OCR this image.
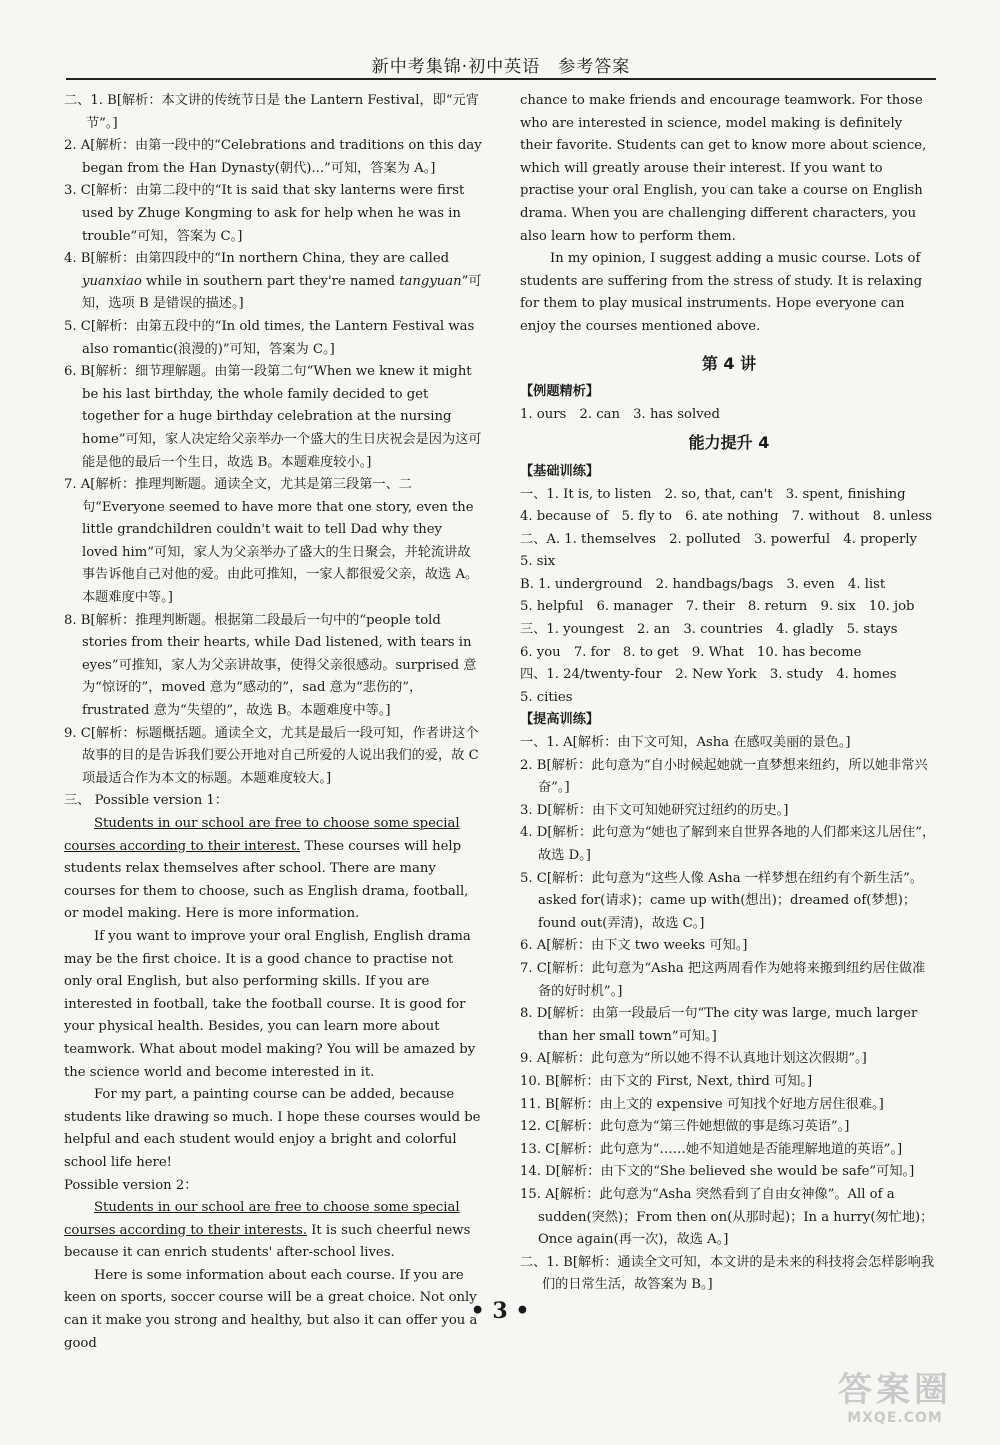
新中考集锦·初中英语　参考答案

二、1. B[解析：本文讲的传统节日是 the Lantern Festival，即“元宵节”。]

2. A[解析：由第一段中的“Celebrations and traditions on this day began from the Han Dynasty(朝代)...”可知，答案为 A。]

3. C[解析：由第二段中的“It is said that sky lanterns were first used by Zhuge Kongming to ask for help when he was in trouble”可知，答案为 C。]

4. B[解析：由第四段中的“In northern China, they are called yuanxiao while in southern part they're named tangyuan”可知，选项 B 是错误的描述。]

5. C[解析：由第五段中的“In old times, the Lantern Festival was also romantic(浪漫的)”可知，答案为 C。]

6. B[解析：细节理解题。由第一段第二句“When we knew it might be his last birthday, the whole family decided to get together for a huge birthday celebration at the nursing home”可知，家人决定给父亲举办一个盛大的生日庆祝会是因为这可能是他的最后一个生日，故选 B。本题难度较小。]

7. A[解析：推理判断题。通读全文，尤其是第三段第一、二句“Everyone seemed to have more that one story, even the little grandchildren couldn't wait to tell Dad why they loved him”可知，家人为父亲举办了盛大的生日聚会，并轮流讲故事告诉他自己对他的爱。由此可推知，一家人都很爱父亲，故选 A。本题难度中等。]

8. B[解析：推理判断题。根据第二段最后一句中的“people told stories from their hearts, while Dad listened, with tears in eyes”可推知，家人为父亲讲故事，使得父亲很感动。surprised 意为“惊讶的”，moved 意为“感动的”，sad 意为“悲伤的”，frustrated 意为“失望的”，故选 B。本题难度中等。]

9. C[解析：标题概括题。通读全文，尤其是最后一段可知，作者讲这个故事的目的是告诉我们要公开地对自己所爱的人说出我们的爱，故 C 项最适合作为本文的标题。本题难度较大。]

三、 Possible version 1：

Students in our school are free to choose some special courses according to their interest. These courses will help students relax themselves after school. There are many courses for them to choose, such as English drama, football, or model making. Here is more information.

If you want to improve your oral English, English drama may be the first choice. It is a good chance to practise not only oral English, but also performing skills. If you are interested in football, take the football course. It is good for your physical health. Besides, you can learn more about teamwork. What about model making? You will be amazed by the science world and become interested in it.

For my part, a painting course can be added, because students like drawing so much. I hope these courses would be helpful and each student would enjoy a bright and colorful school life here!

Possible version 2：

Students in our school are free to choose some special courses according to their interests. It is such cheerful news because it can enrich students' after-school lives.

Here is some information about each course. If you are keen on sports, soccer course will be a great choice. Not only can it make you strong and healthy, but also it can offer you a good

chance to make friends and encourage teamwork. For those who are interested in science, model making is definitely their favorite. Students can get to know more about science, which will greatly arouse their interest. If you want to practise your oral English, you can take a course on English drama. When you are challenging different characters, you also learn how to perform them.

In my opinion, I suggest adding a music course. Lots of students are suffering from the stress of study. It is relaxing for them to play musical instruments. Hope everyone can enjoy the courses mentioned above.

第 4 讲

【例题精析】

1. ours　2. can　3. has solved

能力提升 4

【基础训练】

一、1. It is, to listen　2. so, that, can't　3. spent, finishing

4. because of　5. fly to　6. ate nothing　7. without　8. unless

二、A. 1. themselves　2. polluted　3. powerful　4. properly

5. six

B. 1. underground　2. handbags/bags　3. even　4. list

5. helpful　6. manager　7. their　8. return　9. six　10. job

三、1. youngest　2. an　3. countries　4. gladly　5. stays

6. you　7. for　8. to get　9. What　10. has become

四、1. 24/twenty-four　2. New York　3. study　4. homes

5. cities

【提高训练】

一、1. A[解析：由下文可知，Asha 在感叹美丽的景色。]

2. B[解析：此句意为“自小时候起她就一直梦想来纽约，所以她非常兴奋”。]

3. D[解析：由下文可知她研究过纽约的历史。]

4. D[解析：此句意为“她也了解到来自世界各地的人们都来这儿居住”，故选 D。]

5. C[解析：此句意为“这些人像 Asha 一样梦想在纽约有个新生活”。asked for(请求)；came up with(想出)；dreamed of(梦想)；found out(弄清)，故选 C。]

6. A[解析：由下文 two weeks 可知。]

7. C[解析：此句意为“Asha 把这两周看作为她将来搬到纽约居住做准备的好时机”。]

8. D[解析：由第一段最后一句“The city was large, much larger than her small town”可知。]

9. A[解析：此句意为“所以她不得不认真地计划这次假期”。]

10. B[解析：由下文的 First, Next, third 可知。]

11. B[解析：由上文的 expensive 可知找个好地方居住很难。]

12. C[解析：此句意为“第三件她想做的事是练习英语”。]

13. C[解析：此句意为“……她不知道她是否能理解地道的英语”。]

14. D[解析：由下文的“She believed she would be safe”可知。]

15. A[解析：此句意为“Asha 突然看到了自由女神像”。All of a sudden(突然)；From then on(从那时起)；In a hurry(匆忙地)；Once again(再一次)，故选 A。]

二、1. B[解析：通读全文可知，本文讲的是未来的科技将会怎样影响我们的日常生活，故答案为 B。]

• 3 •
答案圈
MXQE.COM
